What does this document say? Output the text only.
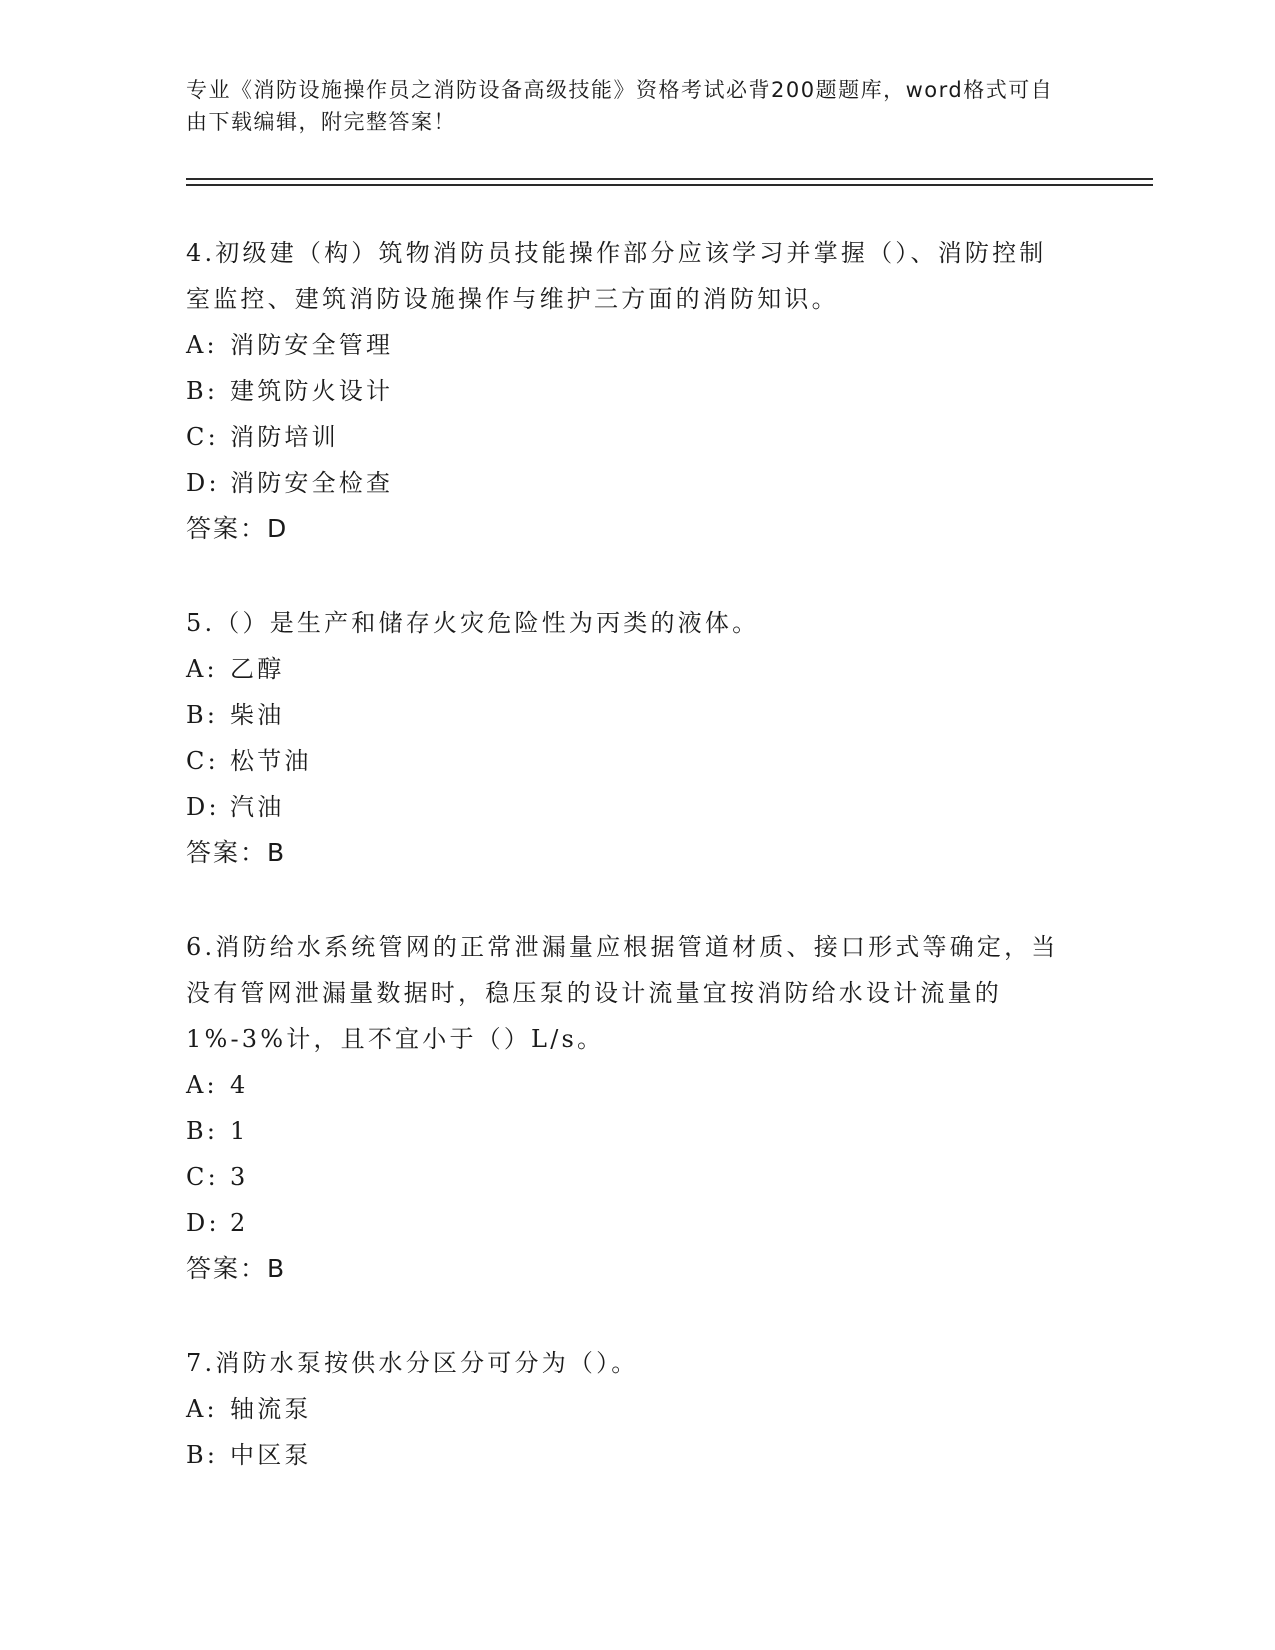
专业《消防设施操作员之消防设备高级技能》资格考试必背200题题库，word格式可自由下载编辑，附完整答案！
4.初级建（构）筑物消防员技能操作部分应该学习并掌握（）、消防控制室监控、建筑消防设施操作与维护三方面的消防知识。
A: 消防安全管理
B: 建筑防火设计
C: 消防培训
D: 消防安全检查
答案：D
5.（）是生产和储存火灾危险性为丙类的液体。
A: 乙醇
B: 柴油
C: 松节油
D: 汽油
答案：B
6.消防给水系统管网的正常泄漏量应根据管道材质、接口形式等确定，当没有管网泄漏量数据时，稳压泵的设计流量宜按消防给水设计流量的1%-3%计，且不宜小于（）L/s。
A: 4
B: 1
C: 3
D: 2
答案：B
7.消防水泵按供水分区分可分为（）。
A: 轴流泵
B: 中区泵
